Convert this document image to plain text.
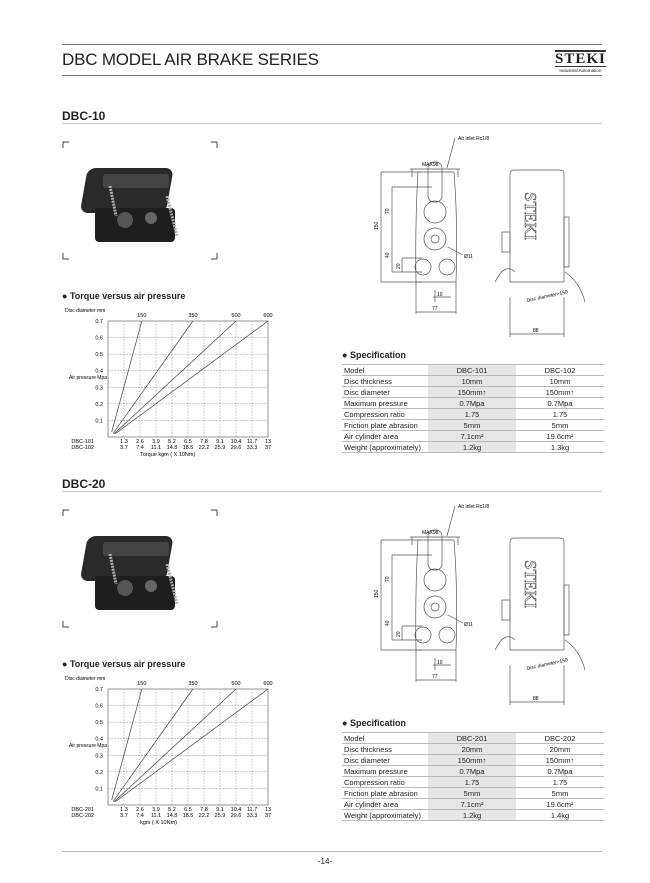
DBC MODEL AIR BRAKE SERIES	STEKI
Industrial Automation
DBC-10
● Torque versus air pressure
1.3
3.7
2.6
7.4
3.9
11.1
5.2
14.8
6.5
18.5
7.8
22.2
9.1
25.9
10.4
29.6
11.7
33.3
13
37
0.1
0.2
0.3
0.4
0.5
0.6
0.7
DBC-101
DBC-102
Torque kgm ( X 10Nm)
Disc diameter mm
Air pressure Mpa
150	350	500	600
Air inlet Rc1/8
MAX98
150
70
40
20
Ø11
10
77
88
Disc diameter>150
STEKI
● Specification
Model	DBC-101	DBC-102
Disc thickness	10mm	10mm
Disc diameter	150mm↑	150mm↑
Maximum pressure	0.7Mpa	0.7Mpa
Compression ratio	1.75	1.75
Friction plate abrasion	5mm	5mm
Air cylinder area	7.1cm²	19.6cm²
Weight (approximately)	1.2kg	1.3kg
DBC-20
● Torque versus air pressure
1.3
3.7
2.6
7.4
3.9
11.1
5.2
14.8
6.5
18.5
7.8
22.2
9.1
25.9
10.4
29.6
11.7
33.3
13
37
0.1
0.2
0.3
0.4
0.5
0.6
0.7
DBC-201
DBC-202
kgm ( X 10Nm)
Disc diameter mm
Air pressure Mpa
150	350	500	600
Air inlet Rc1/8
MAX98
150
70
40
20
Ø11
10
77
88
Disc diameter>150
STEKI
● Specification
Model	DBC-201	DBC-202
Disc thickness	20mm	20mm
Disc diameter	150mm↑	150mm↑
Maximum pressure	0.7Mpa	0.7Mpa
Compression ratio	1.75	1.75
Friction plate abrasion	5mm	5mm
Air cylinder area	7.1cm²	19.6cm²
Weight (approximately)	1.2kg	1.4kg
-14-
